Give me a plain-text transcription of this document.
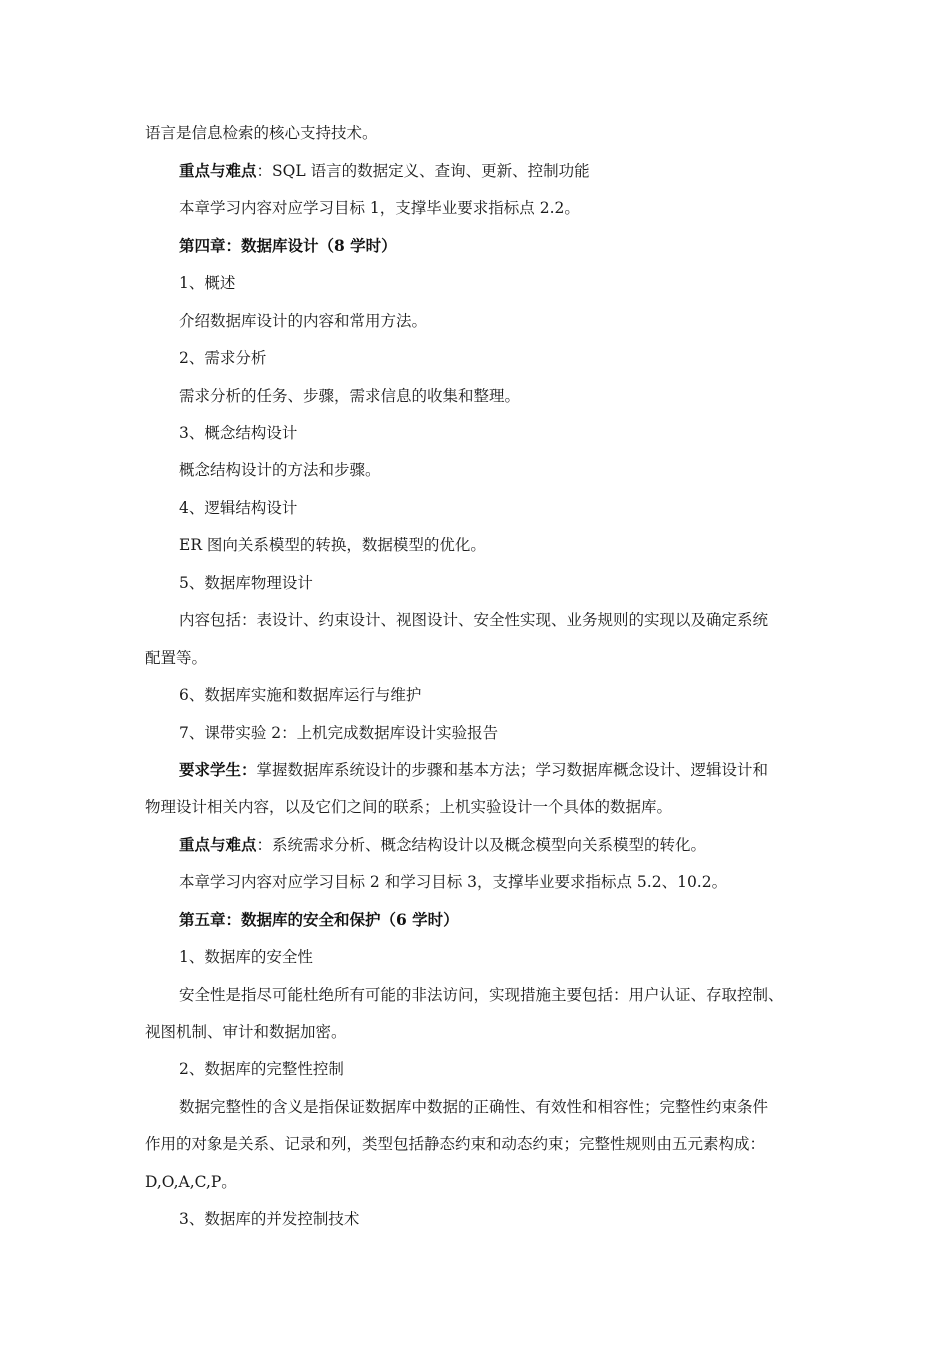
语言是信息检索的核心支持技术。
重点与难点：SQL 语言的数据定义、查询、更新、控制功能
本章学习内容对应学习目标 1，支撑毕业要求指标点 2.2。
第四章：数据库设计（8 学时）
1、概述
介绍数据库设计的内容和常用方法。
2、需求分析
需求分析的任务、步骤，需求信息的收集和整理。
3、概念结构设计
概念结构设计的方法和步骤。
4、逻辑结构设计
ER 图向关系模型的转换，数据模型的优化。
5、数据库物理设计
内容包括：表设计、约束设计、视图设计、安全性实现、业务规则的实现以及确定系统
配置等。
6、数据库实施和数据库运行与维护
7、课带实验 2：上机完成数据库设计实验报告
要求学生：掌握数据库系统设计的步骤和基本方法；学习数据库概念设计、逻辑设计和
物理设计相关内容，以及它们之间的联系；上机实验设计一个具体的数据库。
重点与难点：系统需求分析、概念结构设计以及概念模型向关系模型的转化。
本章学习内容对应学习目标 2 和学习目标 3，支撑毕业要求指标点 5.2、10.2。
第五章：数据库的安全和保护（6 学时）
1、数据库的安全性
安全性是指尽可能杜绝所有可能的非法访问，实现措施主要包括：用户认证、存取控制、
视图机制、审计和数据加密。
2、数据库的完整性控制
数据完整性的含义是指保证数据库中数据的正确性、有效性和相容性；完整性约束条件
作用的对象是关系、记录和列，类型包括静态约束和动态约束；完整性规则由五元素构成：
D,O,A,C,P。
3、数据库的并发控制技术
